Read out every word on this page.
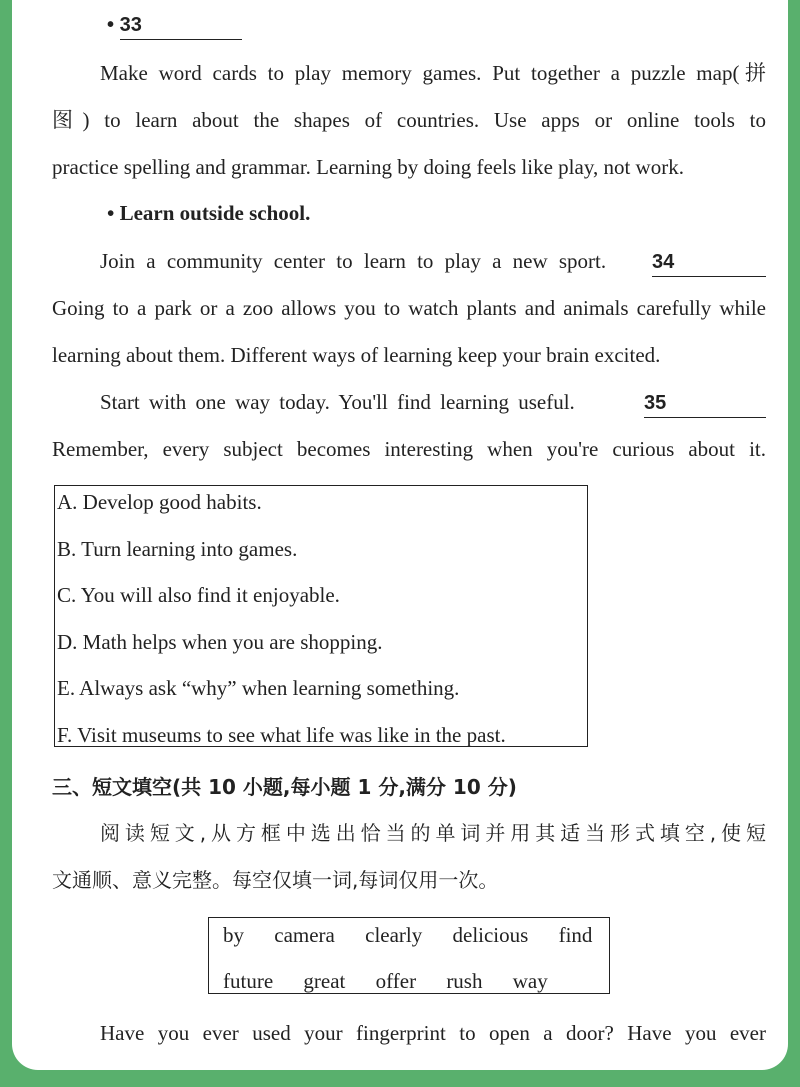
• 33
Make word cards to play memory games. Put together a puzzle map(拼
图) to learn about the shapes of countries. Use apps or online tools to
practice spelling and grammar. Learning by doing feels like play, not work.
• Learn outside school.
Join a community center to learn to play a new sport. 34
Going to a park or a zoo allows you to watch plants and animals carefully while
learning about them. Different ways of learning keep your brain excited.
Start with one way today. You'll find learning useful.	35
Remember, every subject becomes interesting when you're curious about it.
A. Develop good habits.
B. Turn learning into games.
C. You will also find it enjoyable.
D. Math helps when you are shopping.
E. Always ask “why” when learning something.
F. Visit museums to see what life was like in the past.
三、短文填空(共 10 小题,每小题 1 分,满分 10 分)
阅读短文,从方框中选出恰当的单词并用其适当形式填空,使短
文通顺、意义完整。每空仅填一词,每词仅用一次。
by camera clearly delicious find
future great offer rush way
Have you ever used your fingerprint to open a door? Have you ever
